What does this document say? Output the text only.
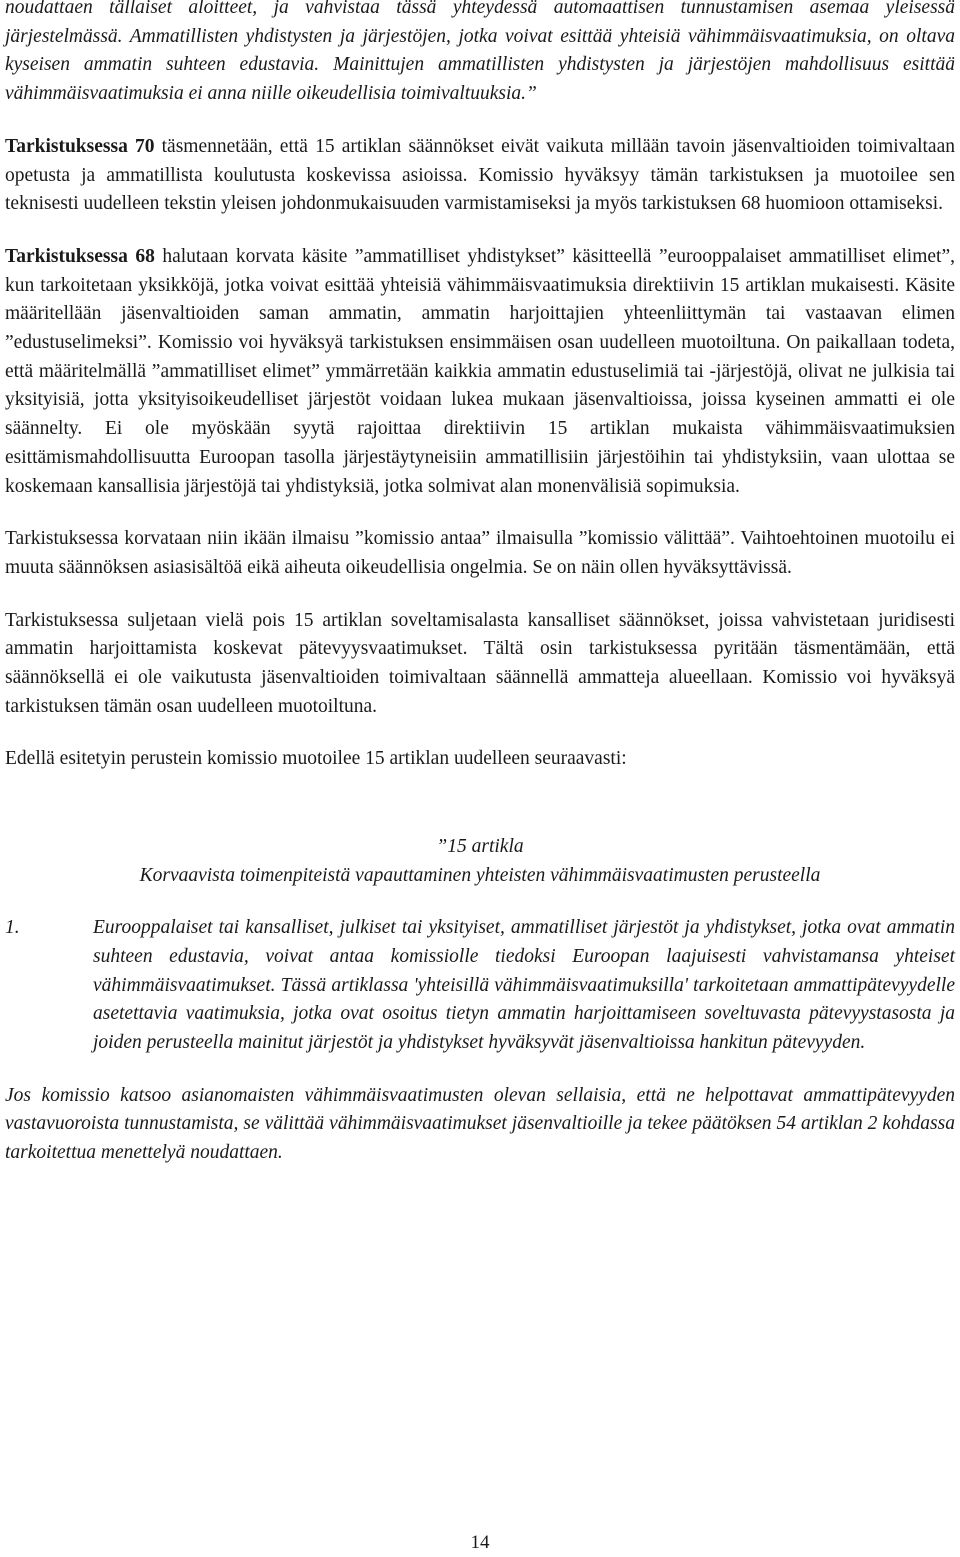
noudattaen tällaiset aloitteet, ja vahvistaa tässä yhteydessä automaattisen tunnustamisen asemaa yleisessä järjestelmässä. Ammatillisten yhdistysten ja järjestöjen, jotka voivat esittää yhteisiä vähimmäisvaatimuksia, on oltava kyseisen ammatin suhteen edustavia. Mainittujen ammatillisten yhdistysten ja järjestöjen mahdollisuus esittää vähimmäisvaatimuksia ei anna niille oikeudellisia toimivaltuuksia.”

Tarkistuksessa 70 täsmennetään, että 15 artiklan säännökset eivät vaikuta millään tavoin jäsenvaltioiden toimivaltaan opetusta ja ammatillista koulutusta koskevissa asioissa. Komissio hyväksyy tämän tarkistuksen ja muotoilee sen teknisesti uudelleen tekstin yleisen johdonmukaisuuden varmistamiseksi ja myös tarkistuksen 68 huomioon ottamiseksi.

Tarkistuksessa 68 halutaan korvata käsite ”ammatilliset yhdistykset” käsitteellä ”eurooppalaiset ammatilliset elimet”, kun tarkoitetaan yksikköjä, jotka voivat esittää yhteisiä vähimmäisvaatimuksia direktiivin 15 artiklan mukaisesti. Käsite määritellään jäsenvaltioiden saman ammatin, ammatin harjoittajien yhteenliittymän tai vastaavan elimen ”edustuselimeksi”. Komissio voi hyväksyä tarkistuksen ensimmäisen osan uudelleen muotoiltuna. On paikallaan todeta, että määritelmällä ”ammatilliset elimet” ymmärretään kaikkia ammatin edustuselimiä tai -järjestöjä, olivat ne julkisia tai yksityisiä, jotta yksityisoikeudelliset järjestöt voidaan lukea mukaan jäsenvaltioissa, joissa kyseinen ammatti ei ole säännelty. Ei ole myöskään syytä rajoittaa direktiivin 15 artiklan mukaista vähimmäisvaatimuksien esittämismahdollisuutta Euroopan tasolla järjestäytyneisiin ammatillisiin järjestöihin tai yhdistyksiin, vaan ulottaa se koskemaan kansallisia järjestöjä tai yhdistyksiä, jotka solmivat alan monenvälisiä sopimuksia.

Tarkistuksessa korvataan niin ikään ilmaisu ”komissio antaa” ilmaisulla ”komissio välittää”. Vaihtoehtoinen muotoilu ei muuta säännöksen asiasisältöä eikä aiheuta oikeudellisia ongelmia. Se on näin ollen hyväksyttävissä.

Tarkistuksessa suljetaan vielä pois 15 artiklan soveltamisalasta kansalliset säännökset, joissa vahvistetaan juridisesti ammatin harjoittamista koskevat pätevyysvaatimukset. Tältä osin tarkistuksessa pyritään täsmentämään, että säännöksellä ei ole vaikutusta jäsenvaltioiden toimivaltaan säännellä ammatteja alueellaan. Komissio voi hyväksyä tarkistuksen tämän osan uudelleen muotoiltuna.

Edellä esitetyin perustein komissio muotoilee 15 artiklan uudelleen seuraavasti:

”15 artikla

Korvaavista toimenpiteistä vapauttaminen yhteisten vähimmäisvaatimusten perusteella

1.	Eurooppalaiset tai kansalliset, julkiset tai yksityiset, ammatilliset järjestöt ja yhdistykset, jotka ovat ammatin suhteen edustavia, voivat antaa komissiolle tiedoksi Euroopan laajuisesti vahvistamansa yhteiset vähimmäisvaatimukset. Tässä artiklassa 'yhteisillä vähimmäisvaatimuksilla' tarkoitetaan ammattipätevyydelle asetettavia vaatimuksia, jotka ovat osoitus tietyn ammatin harjoittamiseen soveltuvasta pätevyystasosta ja joiden perusteella mainitut järjestöt ja yhdistykset hyväksyvät jäsenvaltioissa hankitun pätevyyden.

Jos komissio katsoo asianomaisten vähimmäisvaatimusten olevan sellaisia, että ne helpottavat ammattipätevyyden vastavuoroista tunnustamista, se välittää vähimmäisvaatimukset jäsenvaltioille ja tekee päätöksen 54 artiklan 2 kohdassa tarkoitettua menettelyä noudattaen.

14
